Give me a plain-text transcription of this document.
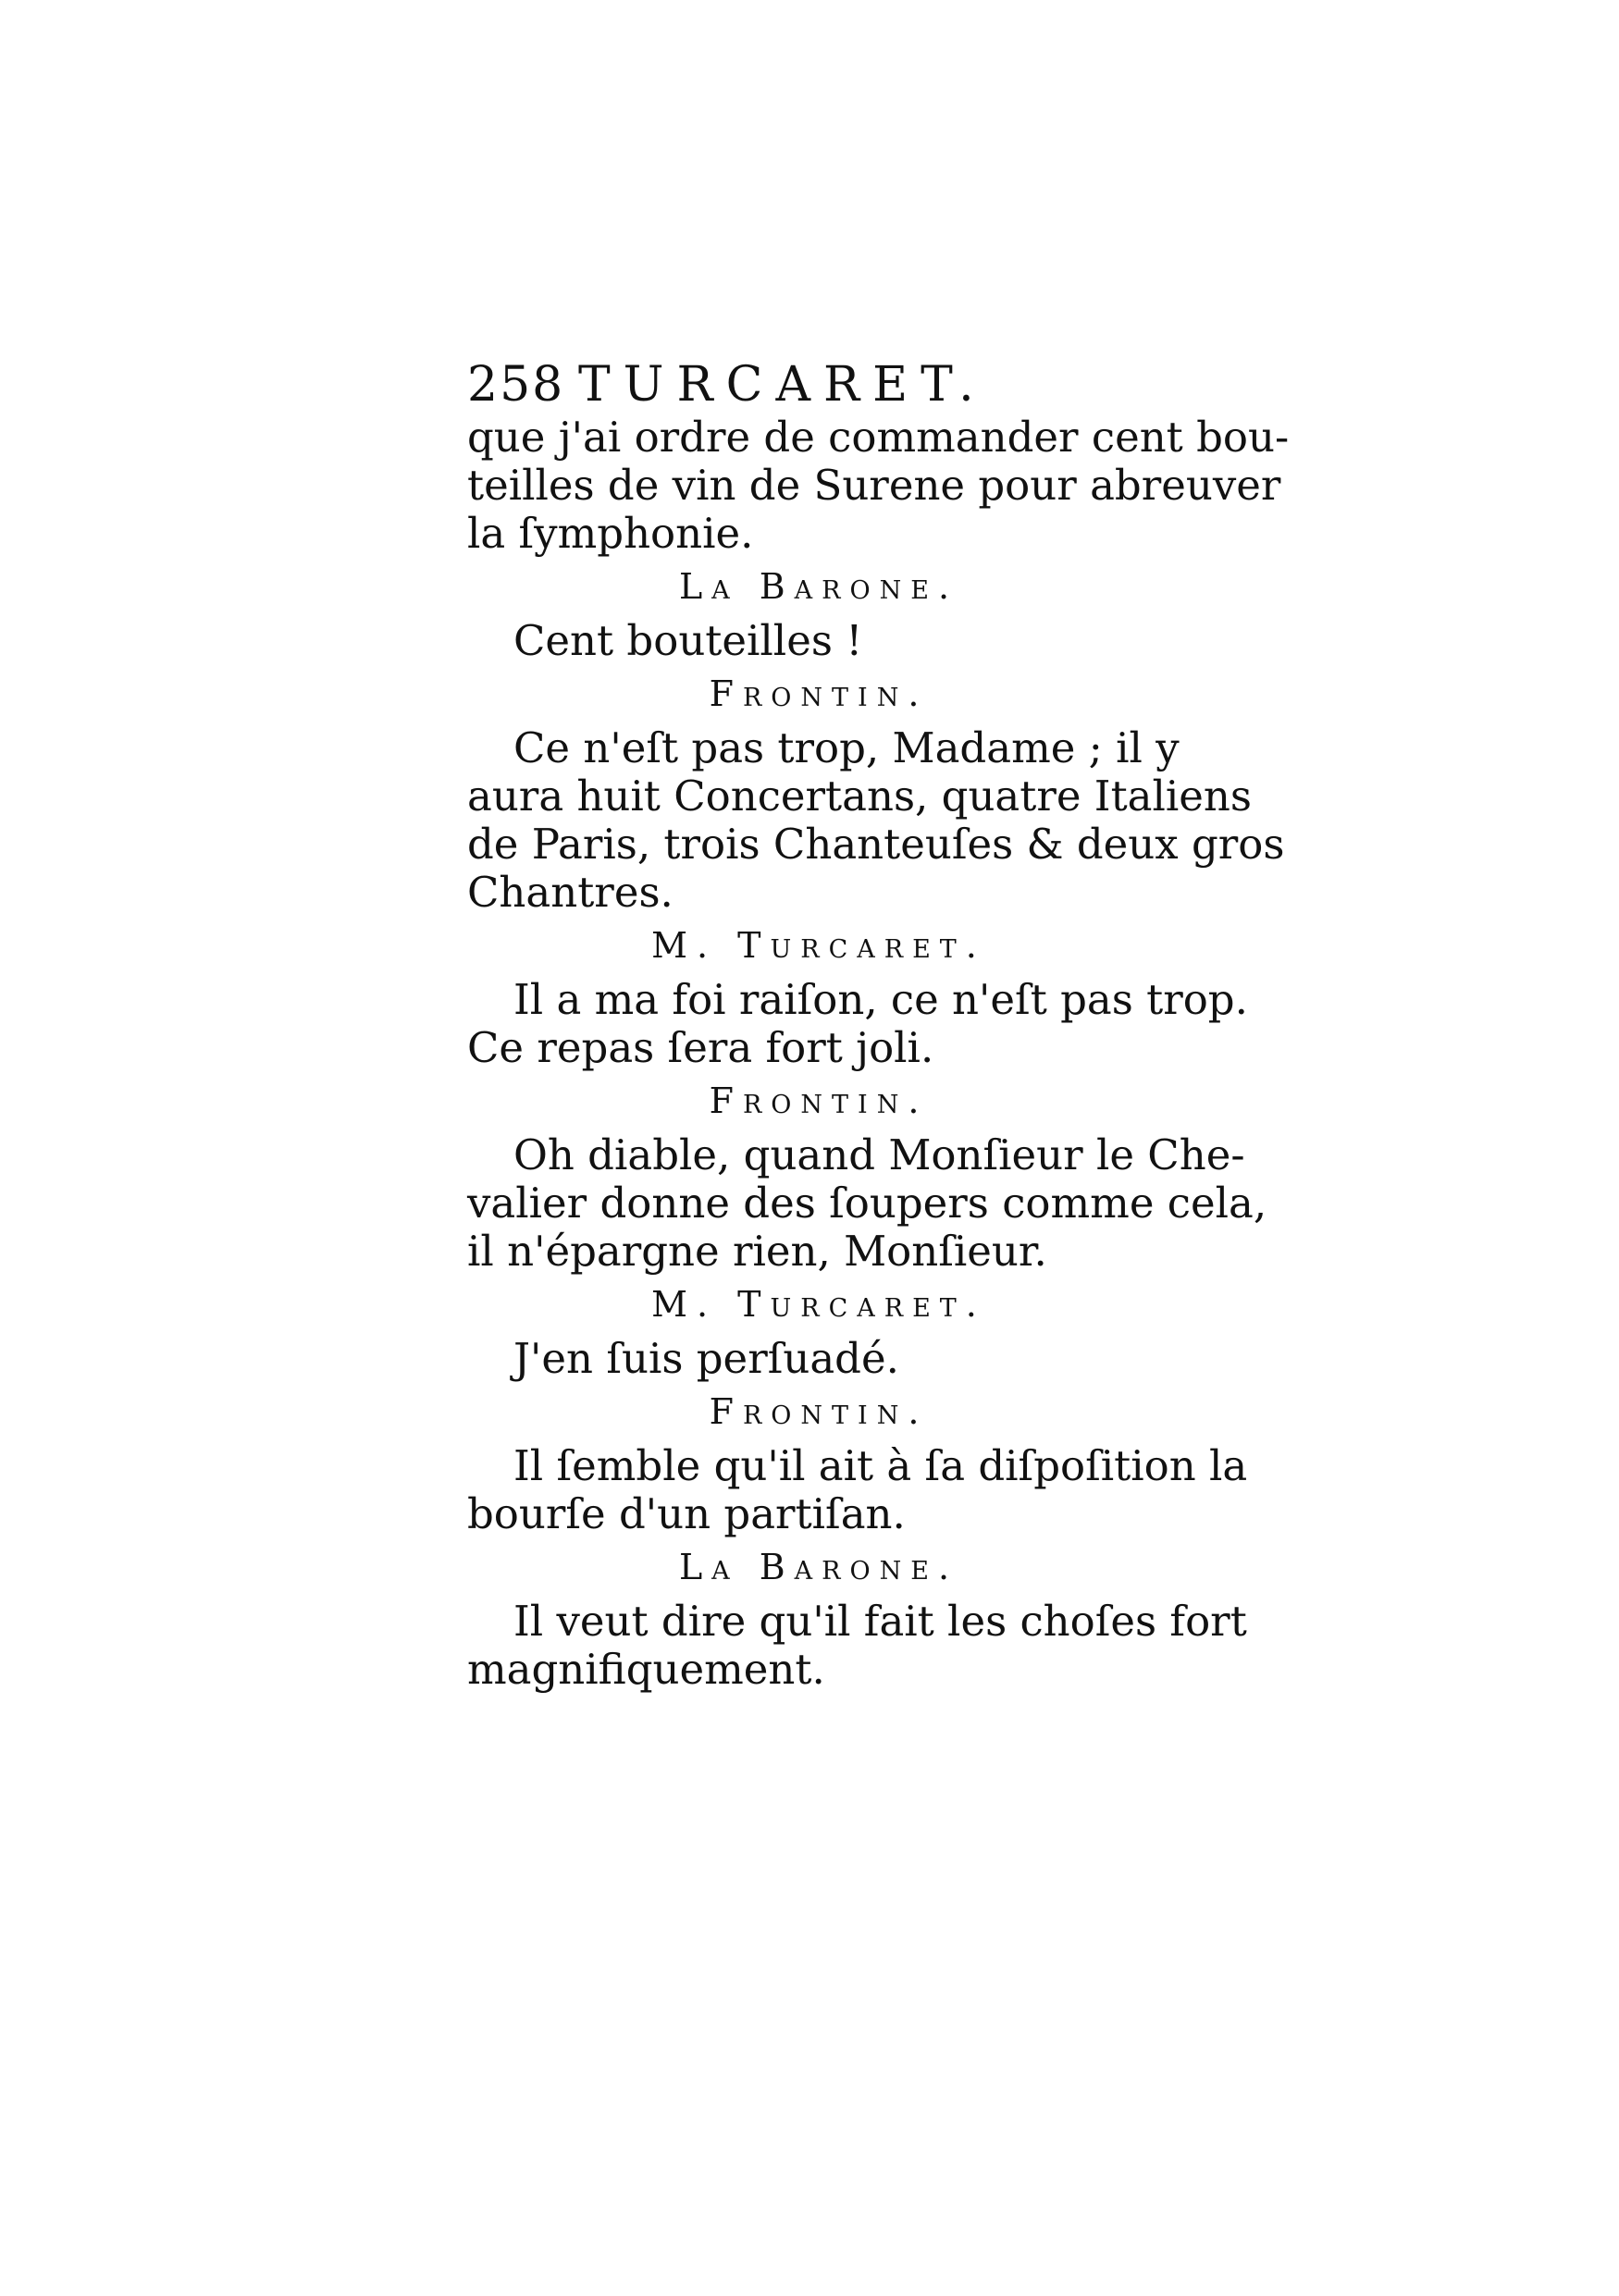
258 TURCARET.

que j'ai ordre de commander cent bou-
teilles de vin de Surene pour abreuver
la ſymphonie.

La Barone.

Cent bouteilles !

Frontin.

Ce n'eſt pas trop, Madame ; il y
aura huit Concertans, quatre Italiens
de Paris, trois Chanteuſes & deux gros
Chantres.

M. Turcaret.

Il a ma foi raiſon, ce n'eſt pas trop.
Ce repas ſera fort joli.

Frontin.

Oh diable, quand Monſieur le Che-
valier donne des ſoupers comme cela,
il n'épargne rien, Monſieur.

M. Turcaret.

J'en ſuis perſuadé.

Frontin.

Il ſemble qu'il ait à ſa diſpoſition la
bourſe d'un partiſan.

La Barone.

Il veut dire qu'il fait les choſes fort
magnifiquement.
